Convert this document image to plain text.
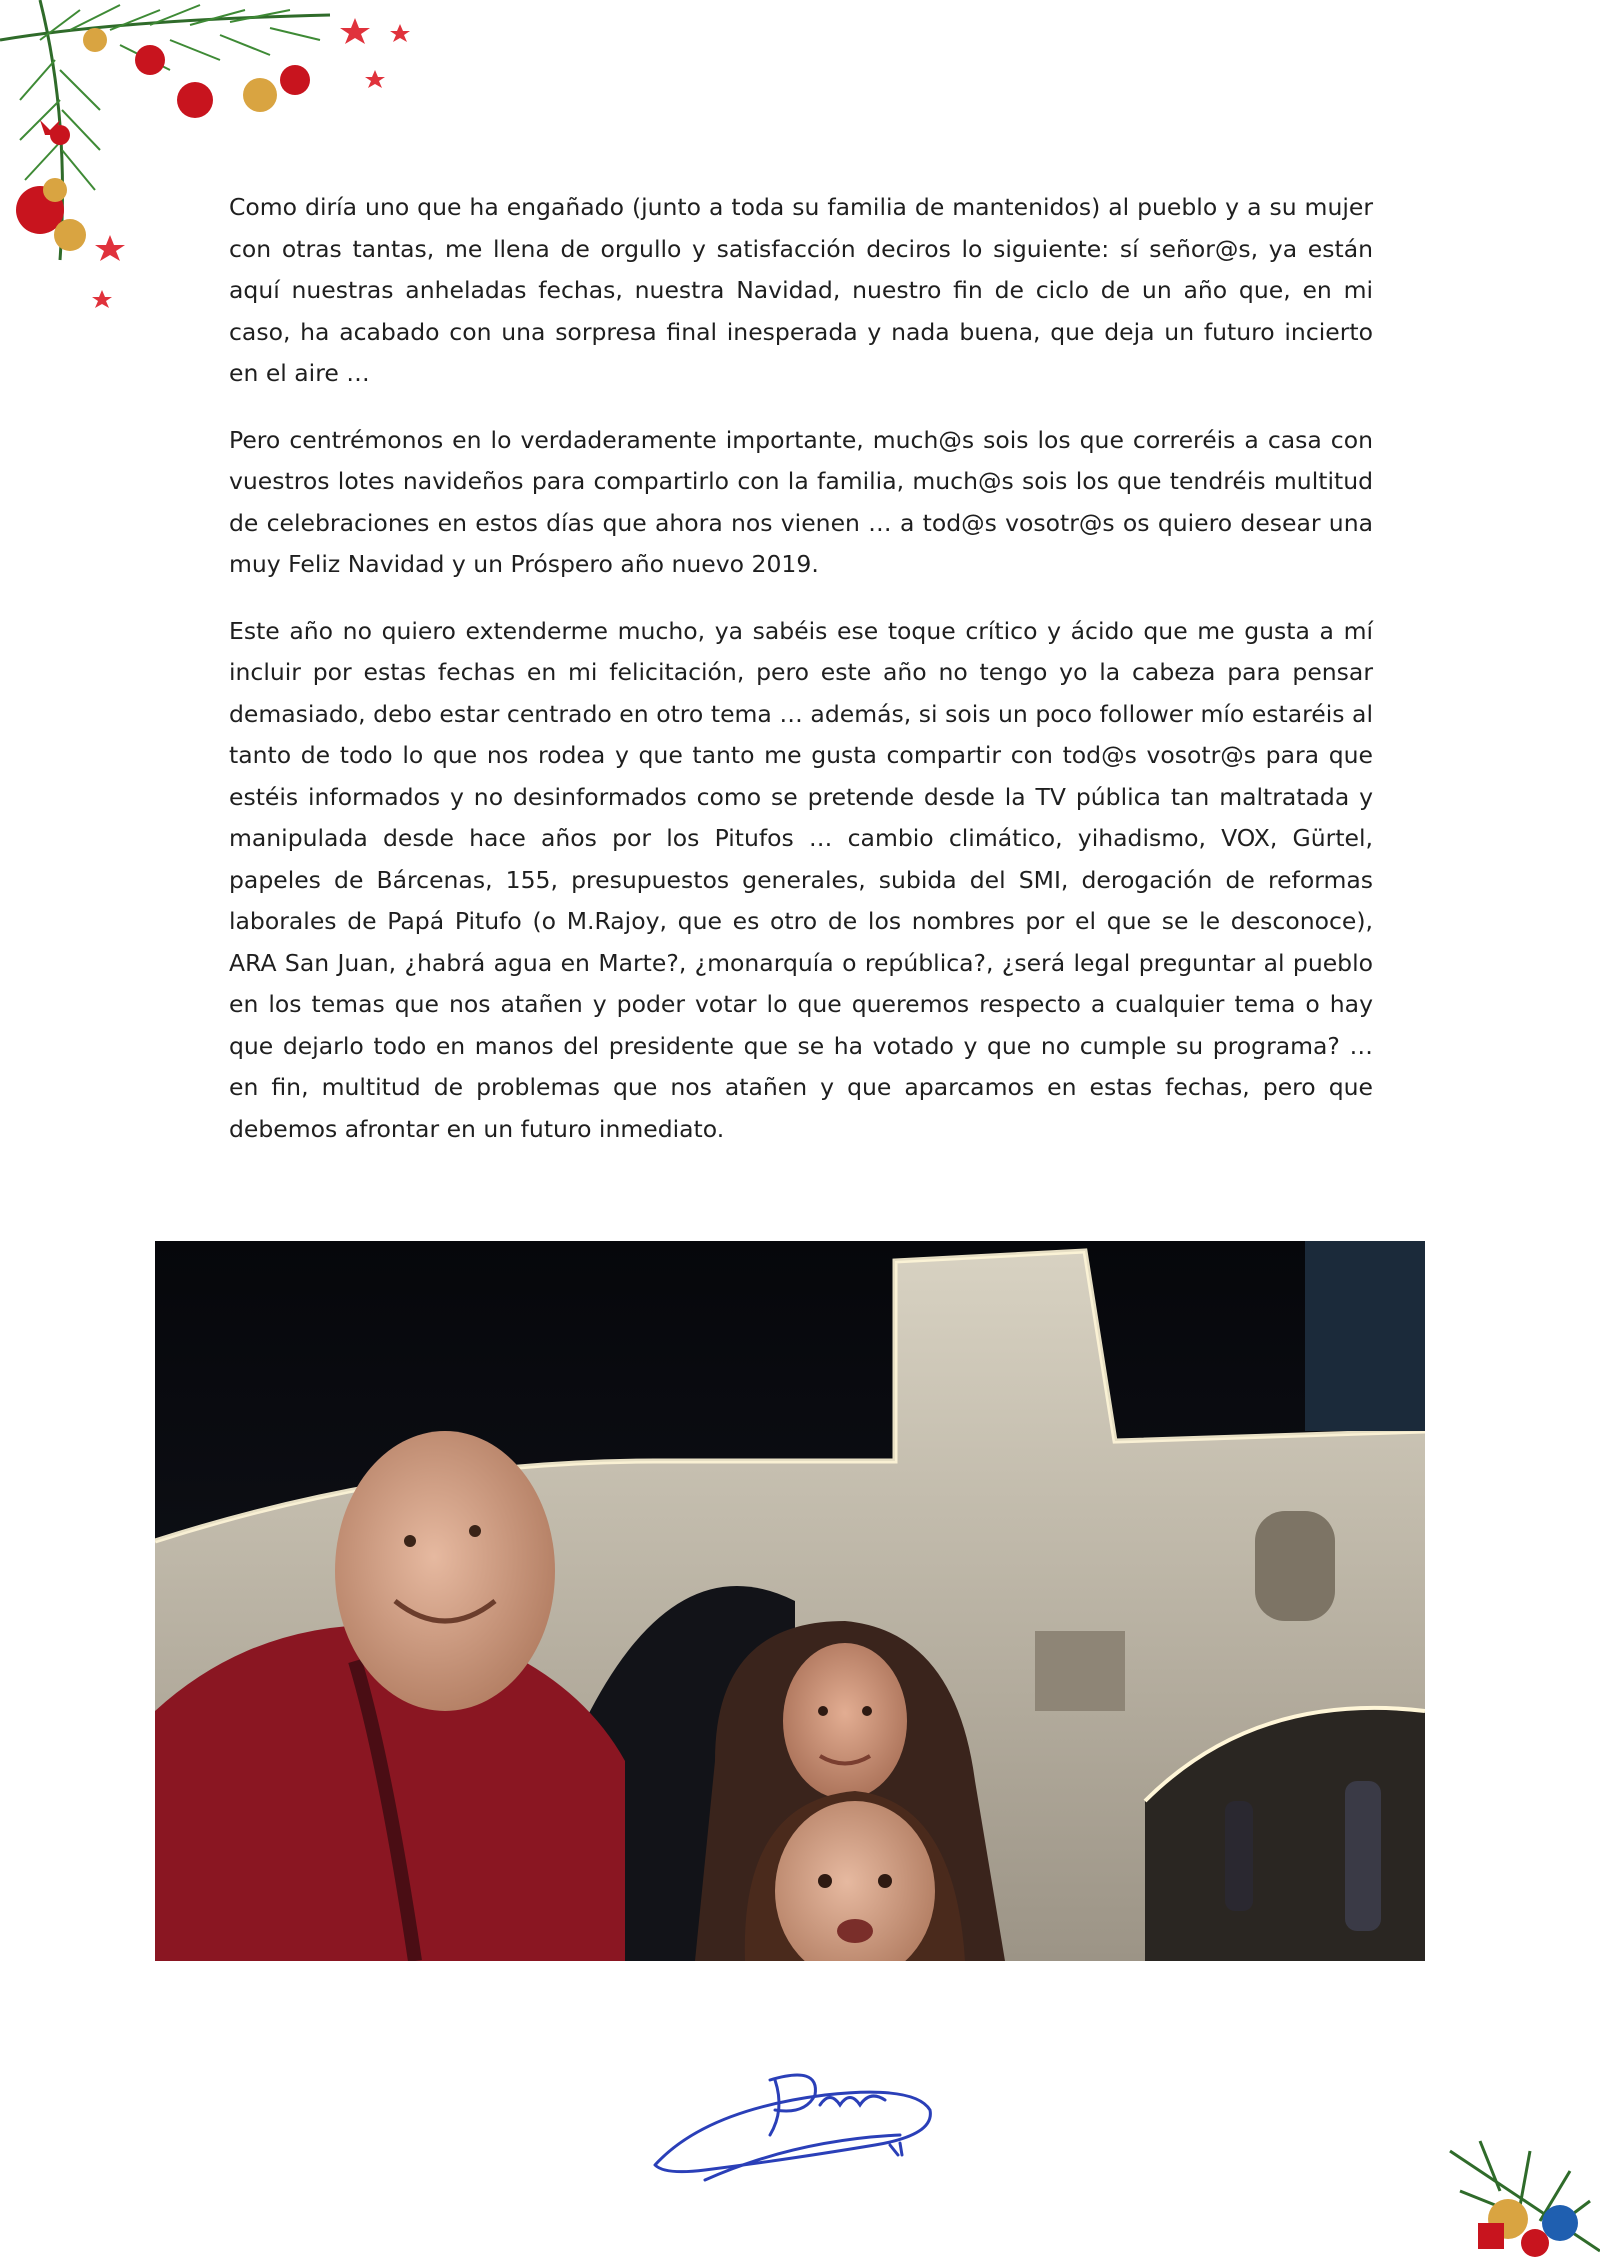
Como diría uno que ha engañado (junto a toda su familia de mantenidos) al pueblo y a su mujer con otras tantas, me llena de orgullo y satisfacción deciros lo siguiente: sí señor@s, ya están aquí nuestras anheladas fechas, nuestra Navidad, nuestro fin de ciclo de un año que, en mi caso, ha acabado con una sorpresa final inesperada y nada buena, que deja un futuro incierto en el aire …

Pero centrémonos en lo verdaderamente importante, much@s sois los que correréis a casa con vuestros lotes navideños para compartirlo con la familia, much@s sois los que tendréis multitud de celebraciones en estos días que ahora nos vienen … a tod@s vosotr@s os quiero desear una muy Feliz Navidad y un Próspero año nuevo 2019.

Este año no quiero extenderme mucho, ya sabéis ese toque crítico y ácido que me gusta a mí incluir por estas fechas en mi felicitación, pero este año no tengo yo la cabeza para pensar demasiado, debo estar centrado en otro tema … además, si sois un poco follower mío estaréis al tanto de todo lo que nos rodea y que tanto me gusta compartir con tod@s vosotr@s para que estéis informados y no desinformados como se pretende desde la TV pública tan maltratada y manipulada desde hace años por los Pitufos … cambio climático, yihadismo, VOX, Gürtel, papeles de Bárcenas, 155, presupuestos generales, subida del SMI, derogación de reformas laborales de Papá Pitufo (o M.Rajoy, que es otro de los nombres por el que se le desconoce), ARA San Juan, ¿habrá agua en Marte?, ¿monarquía o república?, ¿será legal preguntar al pueblo en los temas que nos atañen y poder votar lo que queremos respecto a cualquier tema o hay que dejarlo todo en manos del presidente que se ha votado y que no cumple su programa? … en fin, multitud de problemas que nos atañen y que aparcamos en estas fechas, pero que debemos afrontar en un futuro inmediato.
